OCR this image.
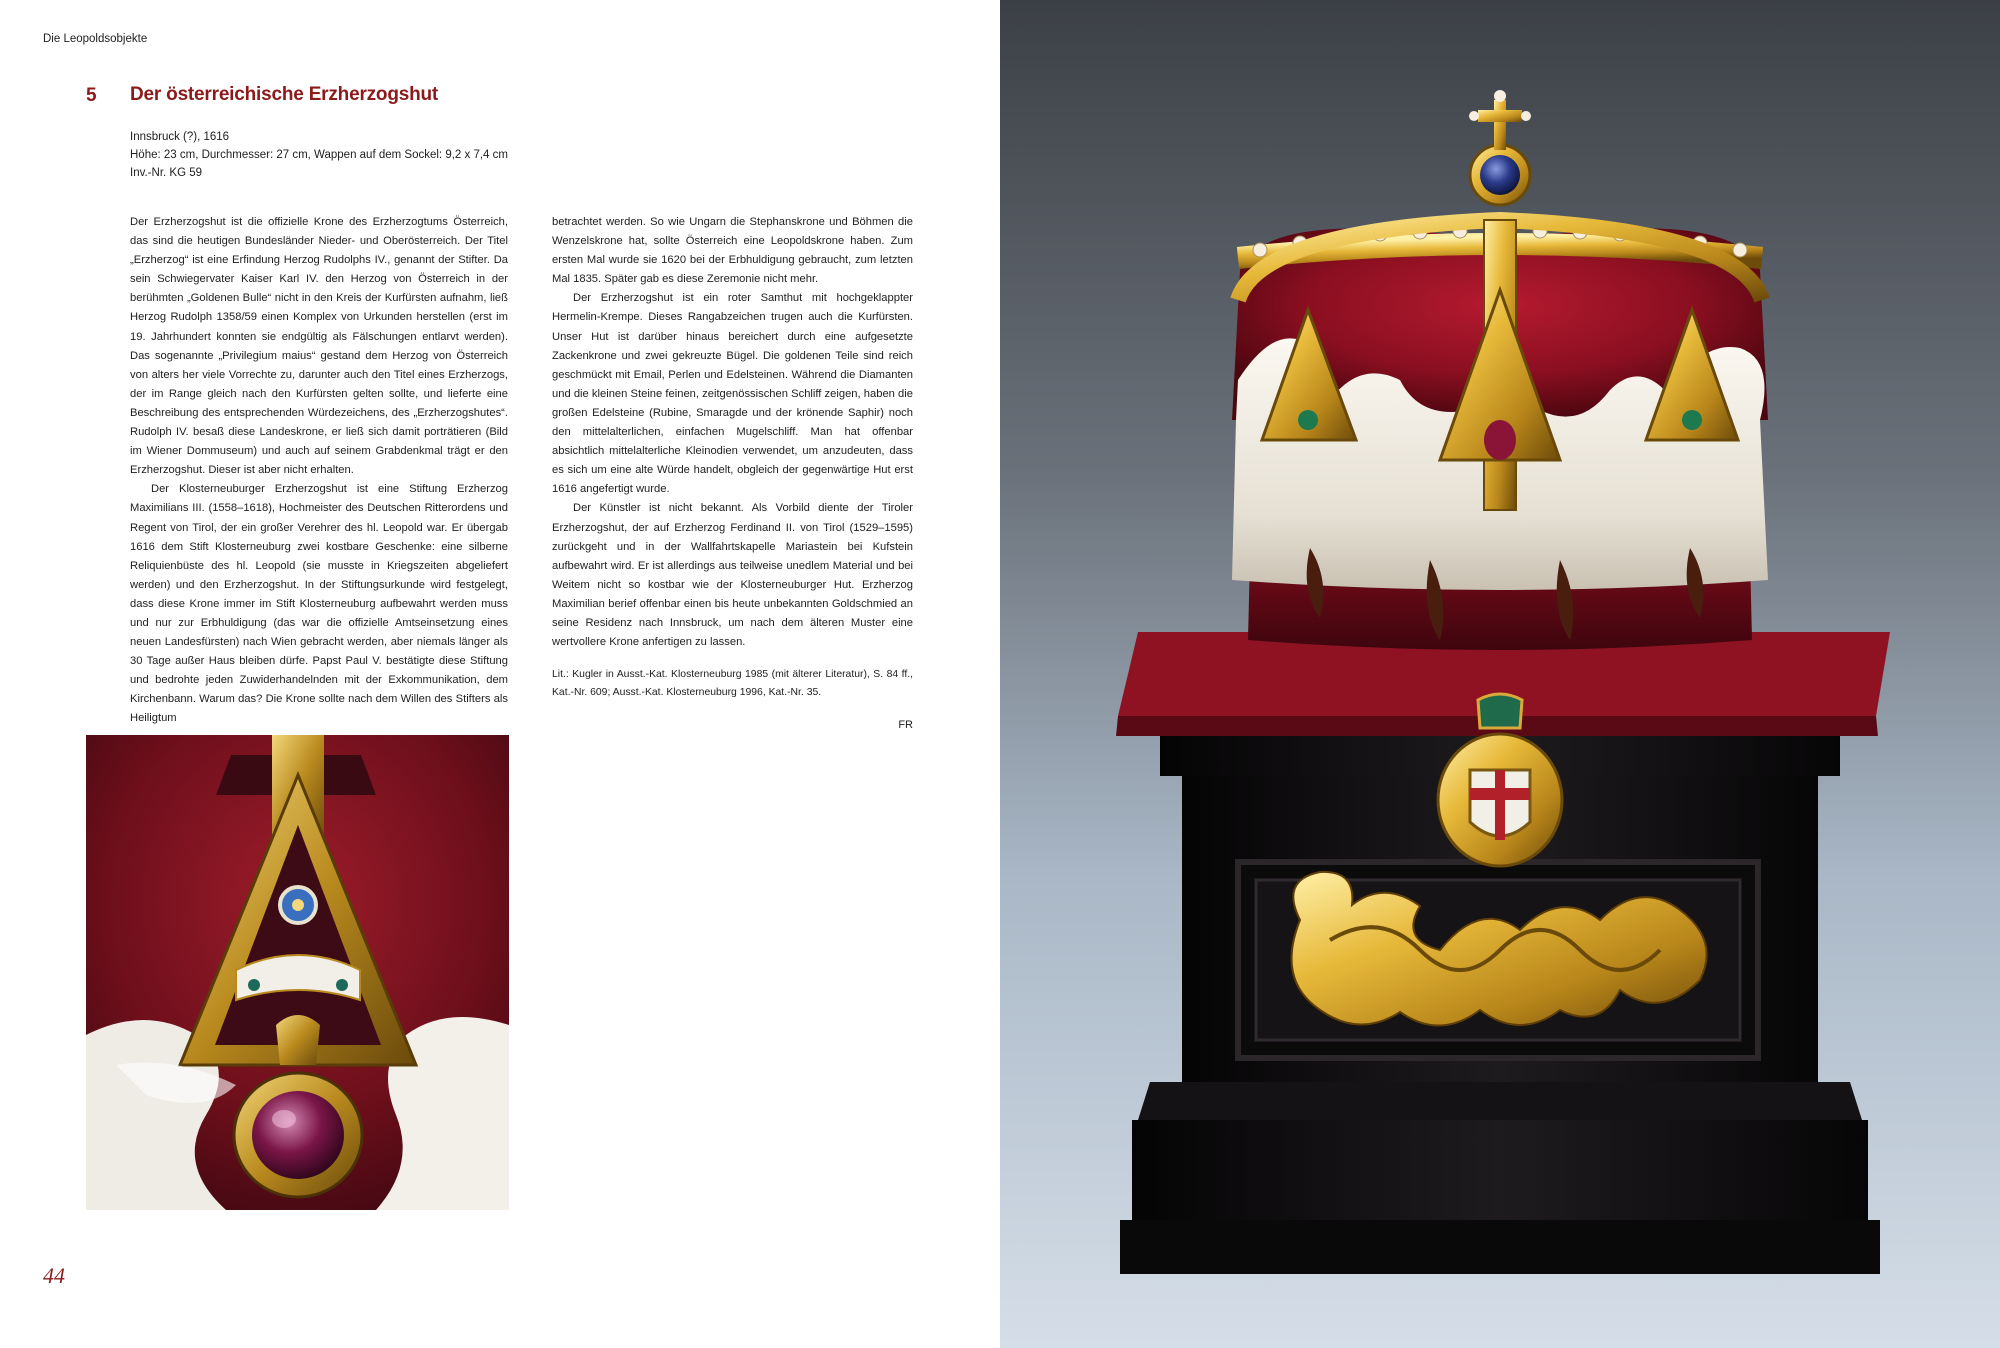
Die Leopoldsobjekte
5 Der österreichische Erzherzogshut
Innsbruck (?), 1616
Höhe: 23 cm, Durchmesser: 27 cm, Wappen auf dem Sockel: 9,2 x 7,4 cm
Inv.-Nr. KG 59

Der Erzherzogshut ist die offizielle Krone des Erzherzogtums Österreich, das sind die heutigen Bundesländer Nieder- und Oberösterreich. Der Titel „Erzherzog“ ist eine Erfindung Herzog Rudolphs IV., genannt der Stifter. Da sein Schwiegervater Kaiser Karl IV. den Herzog von Österreich in der berühmten „Goldenen Bulle“ nicht in den Kreis der Kurfürsten aufnahm, ließ Herzog Rudolph 1358/59 einen Komplex von Urkunden herstellen (erst im 19. Jahrhundert konnten sie endgültig als Fälschungen entlarvt werden). Das sogenannte „Privilegium maius“ gestand dem Herzog von Österreich von alters her viele Vorrechte zu, darunter auch den Titel eines Erzherzogs, der im Range gleich nach den Kurfürsten gelten sollte, und lieferte eine Beschreibung des entsprechenden Würdezeichens, des „Erzherzogshutes“. Rudolph IV. besaß diese Landeskrone, er ließ sich damit porträtieren (Bild im Wiener Dommuseum) und auch auf seinem Grabdenkmal trägt er den Erzherzogshut. Dieser ist aber nicht erhalten.

Der Klosterneuburger Erzherzogshut ist eine Stiftung Erzherzog Maximilians III. (1558–1618), Hochmeister des Deutschen Ritterordens und Regent von Tirol, der ein großer Verehrer des hl. Leopold war. Er übergab 1616 dem Stift Klosterneuburg zwei kostbare Geschenke: eine silberne Reliquienbüste des hl. Leopold (sie musste in Kriegszeiten abgeliefert werden) und den Erzherzogshut. In der Stiftungsurkunde wird festgelegt, dass diese Krone immer im Stift Klosterneuburg aufbewahrt werden muss und nur zur Erbhuldigung (das war die offizielle Amtseinsetzung eines neuen Landesfürsten) nach Wien gebracht werden, aber niemals länger als 30 Tage außer Haus bleiben dürfe. Papst Paul V. bestätigte diese Stiftung und bedrohte jeden Zuwiderhandelnden mit der Exkommunikation, dem Kirchenbann. Warum das? Die Krone sollte nach dem Willen des Stifters als Heiligtum

betrachtet werden. So wie Ungarn die Stephanskrone und Böhmen die Wenzelskrone hat, sollte Österreich eine Leopoldskrone haben. Zum ersten Mal wurde sie 1620 bei der Erbhuldigung gebraucht, zum letzten Mal 1835. Später gab es diese Zeremonie nicht mehr.

Der Erzherzogshut ist ein roter Samthut mit hochgeklappter Hermelin-Krempe. Dieses Rangabzeichen trugen auch die Kurfürsten. Unser Hut ist darüber hinaus bereichert durch eine aufgesetzte Zackenkrone und zwei gekreuzte Bügel. Die goldenen Teile sind reich geschmückt mit Email, Perlen und Edelsteinen. Während die Diamanten und die kleinen Steine feinen, zeitgenössischen Schliff zeigen, haben die großen Edelsteine (Rubine, Smaragde und der krönende Saphir) noch den mittelalterlichen, einfachen Mugelschliff. Man hat offenbar absichtlich mittelalterliche Kleinodien verwendet, um anzudeuten, dass es sich um eine alte Würde handelt, obgleich der gegenwärtige Hut erst 1616 angefertigt wurde.

Der Künstler ist nicht bekannt. Als Vorbild diente der Tiroler Erzherzogshut, der auf Erzherzog Ferdinand II. von Tirol (1529–1595) zurückgeht und in der Wallfahrtskapelle Mariastein bei Kufstein aufbewahrt wird. Er ist allerdings aus teilweise unedlem Material und bei Weitem nicht so kostbar wie der Klosterneuburger Hut. Erzherzog Maximilian berief offenbar einen bis heute unbekannten Goldschmied an seine Residenz nach Innsbruck, um nach dem älteren Muster eine wertvollere Krone anfertigen zu lassen.

Lit.: Kugler in Ausst.-Kat. Klosterneuburg 1985 (mit älterer Literatur), S. 84 ff., Kat.-Nr. 609; Ausst.-Kat. Klosterneuburg 1996, Kat.-Nr. 35.

FR
44
